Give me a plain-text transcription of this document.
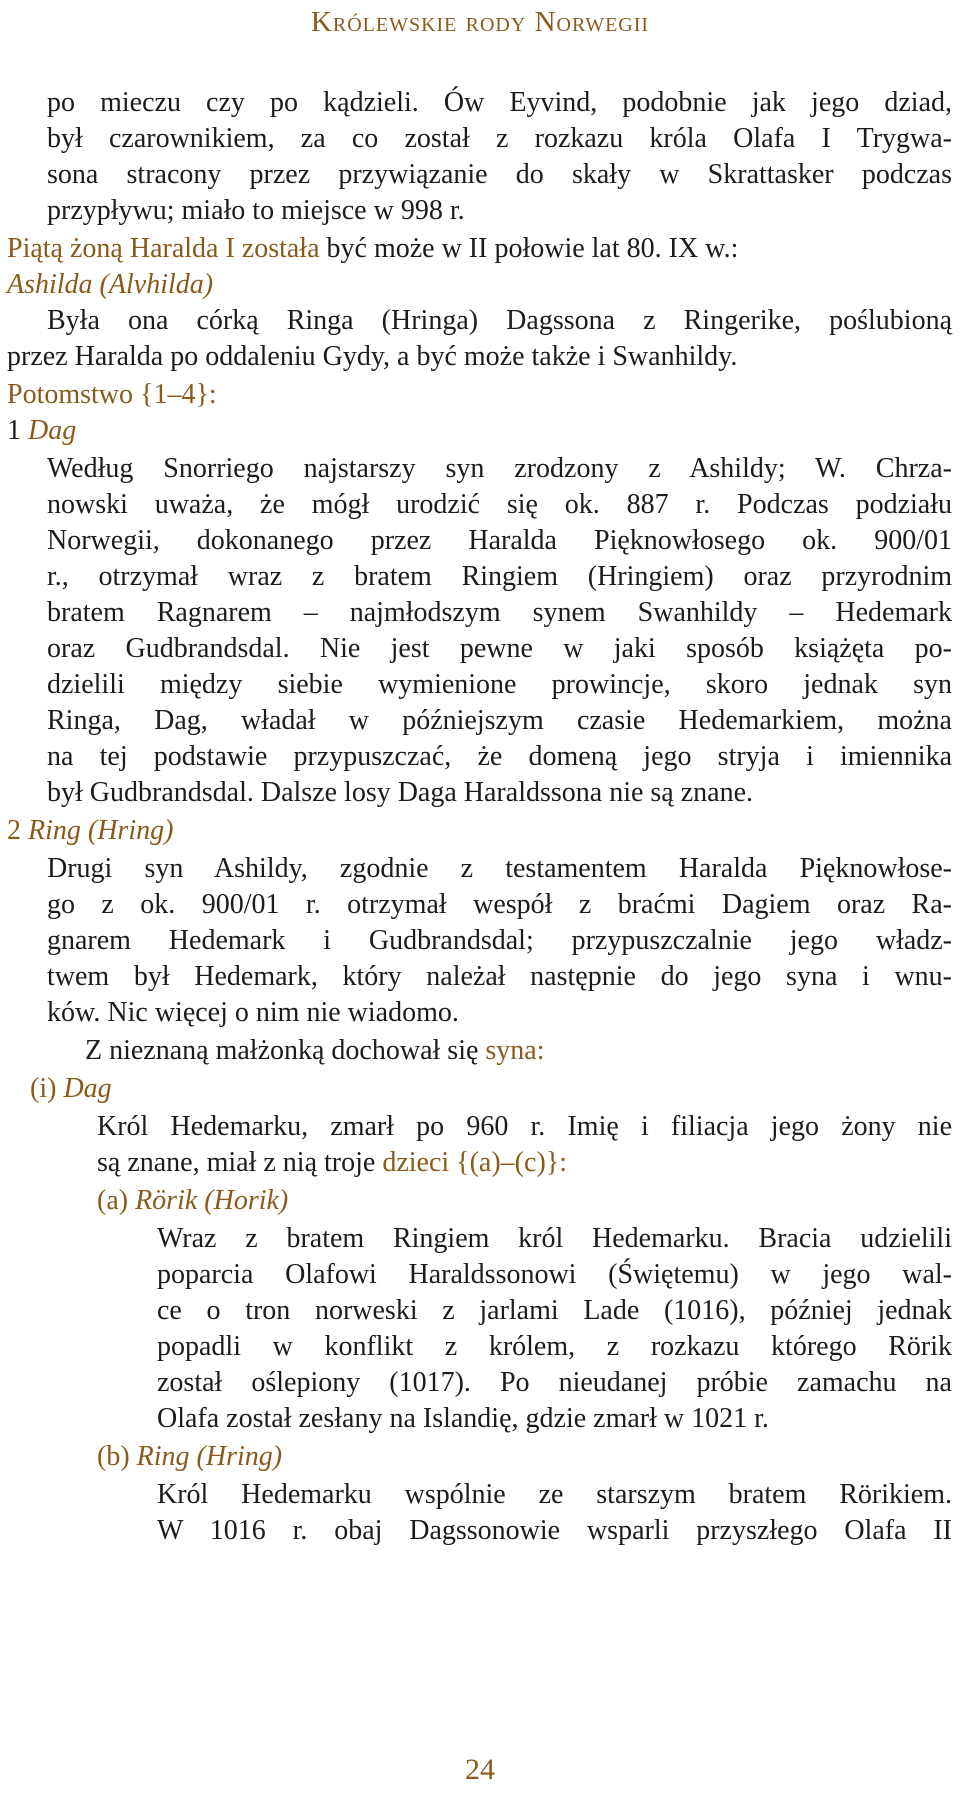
Królewskie rody Norwegii
po mieczu czy po kądzieli. Ów Eyvind, podobnie jak jego dziad,
był czarownikiem, za co został z rozkazu króla Olafa I Trygwa-
sona stracony przez przywiązanie do skały w Skrattasker podczas
przypływu; miało to miejsce w 998 r.
Piątą żoną Haralda I została być może w II połowie lat 80. IX w.:
Ashilda (Alvhilda)
Była ona córką Ringa (Hringa) Dagssona z Ringerike, poślubioną
przez Haralda po oddaleniu Gydy, a być może także i Swanhildy.
Potomstwo {1–4}:
1 Dag
Według Snorriego najstarszy syn zrodzony z Ashildy; W. Chrza-
nowski uważa, że mógł urodzić się ok. 887 r. Podczas podziału
Norwegii, dokonanego przez Haralda Pięknowłosego ok. 900/01
r., otrzymał wraz z bratem Ringiem (Hringiem) oraz przyrodnim
bratem Ragnarem – najmłodszym synem Swanhildy – Hedemark
oraz Gudbrandsdal. Nie jest pewne w jaki sposób książęta po-
dzielili między siebie wymienione prowincje, skoro jednak syn
Ringa, Dag, władał w późniejszym czasie Hedemarkiem, można
na tej podstawie przypuszczać, że domeną jego stryja i imiennika
był Gudbrandsdal. Dalsze losy Daga Haraldssona nie są znane.
2 Ring (Hring)
Drugi syn Ashildy, zgodnie z testamentem Haralda Pięknowłose-
go z ok. 900/01 r. otrzymał wespół z braćmi Dagiem oraz Ra-
gnarem Hedemark i Gudbrandsdal; przypuszczalnie jego władz-
twem był Hedemark, który należał następnie do jego syna i wnu-
ków. Nic więcej o nim nie wiadomo.
Z nieznaną małżonką dochował się syna:
(i) Dag
Król Hedemarku, zmarł po 960 r. Imię i filiacja jego żony nie
są znane, miał z nią troje dzieci {(a)–(c)}:
(a) Rörik (Horik)
Wraz z bratem Ringiem król Hedemarku. Bracia udzielili
poparcia Olafowi Haraldssonowi (Świętemu) w jego wal-
ce o tron norweski z jarlami Lade (1016), później jednak
popadli w konflikt z królem, z rozkazu którego Rörik
został oślepiony (1017). Po nieudanej próbie zamachu na
Olafa został zesłany na Islandię, gdzie zmarł w 1021 r.
(b) Ring (Hring)
Król Hedemarku wspólnie ze starszym bratem Rörikiem.
W 1016 r. obaj Dagssonowie wsparli przyszłego Olafa II
24
